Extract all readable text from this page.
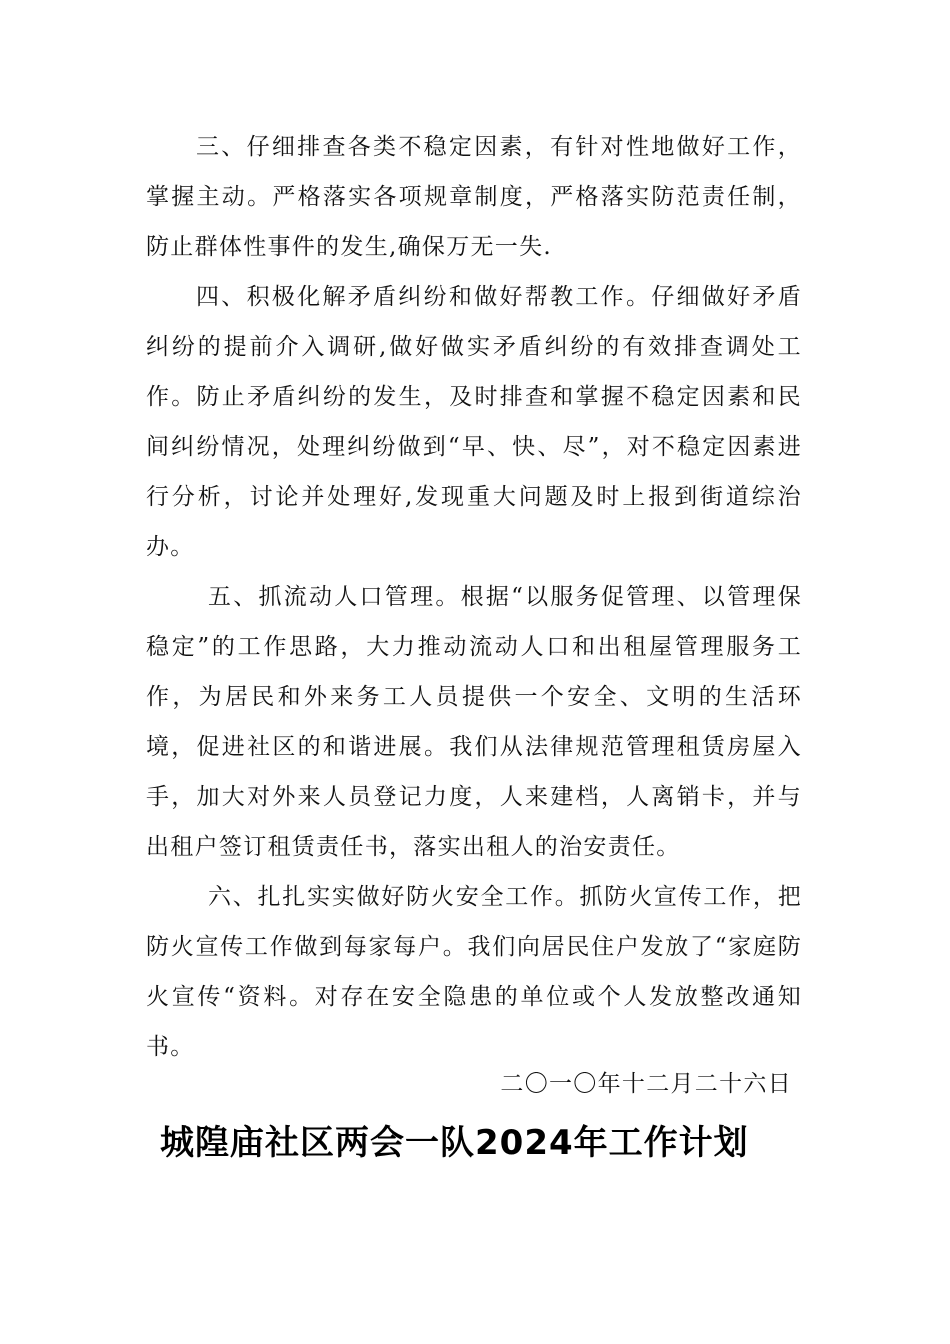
三、仔细排查各类不稳定因素，有针对性地做好工作，掌握主动。严格落实各项规章制度，严格落实防范责任制，防止群体性事件的发生,确保万无一失.

四、积极化解矛盾纠纷和做好帮教工作。仔细做好矛盾纠纷的提前介入调研,做好做实矛盾纠纷的有效排查调处工作。防止矛盾纠纷的发生，及时排查和掌握不稳定因素和民间纠纷情况，处理纠纷做到“早、快、尽”，对不稳定因素进行分析，讨论并处理好,发现重大问题及时上报到街道综治办。

五、抓流动人口管理。根据“以服务促管理、以管理保稳定”的工作思路，大力推动流动人口和出租屋管理服务工作，为居民和外来务工人员提供一个安全、文明的生活环境，促进社区的和谐进展。我们从法律规范管理租赁房屋入手，加大对外来人员登记力度，人来建档，人离销卡，并与出租户签订租赁责任书，落实出租人的治安责任。

六、扎扎实实做好防火安全工作。抓防火宣传工作，把防火宣传工作做到每家每户。我们向居民住户发放了“家庭防火宣传“资料。对存在安全隐患的单位或个人发放整改通知书。

二〇一〇年十二月二十六日

城隍庙社区两会一队2024年工作计划
